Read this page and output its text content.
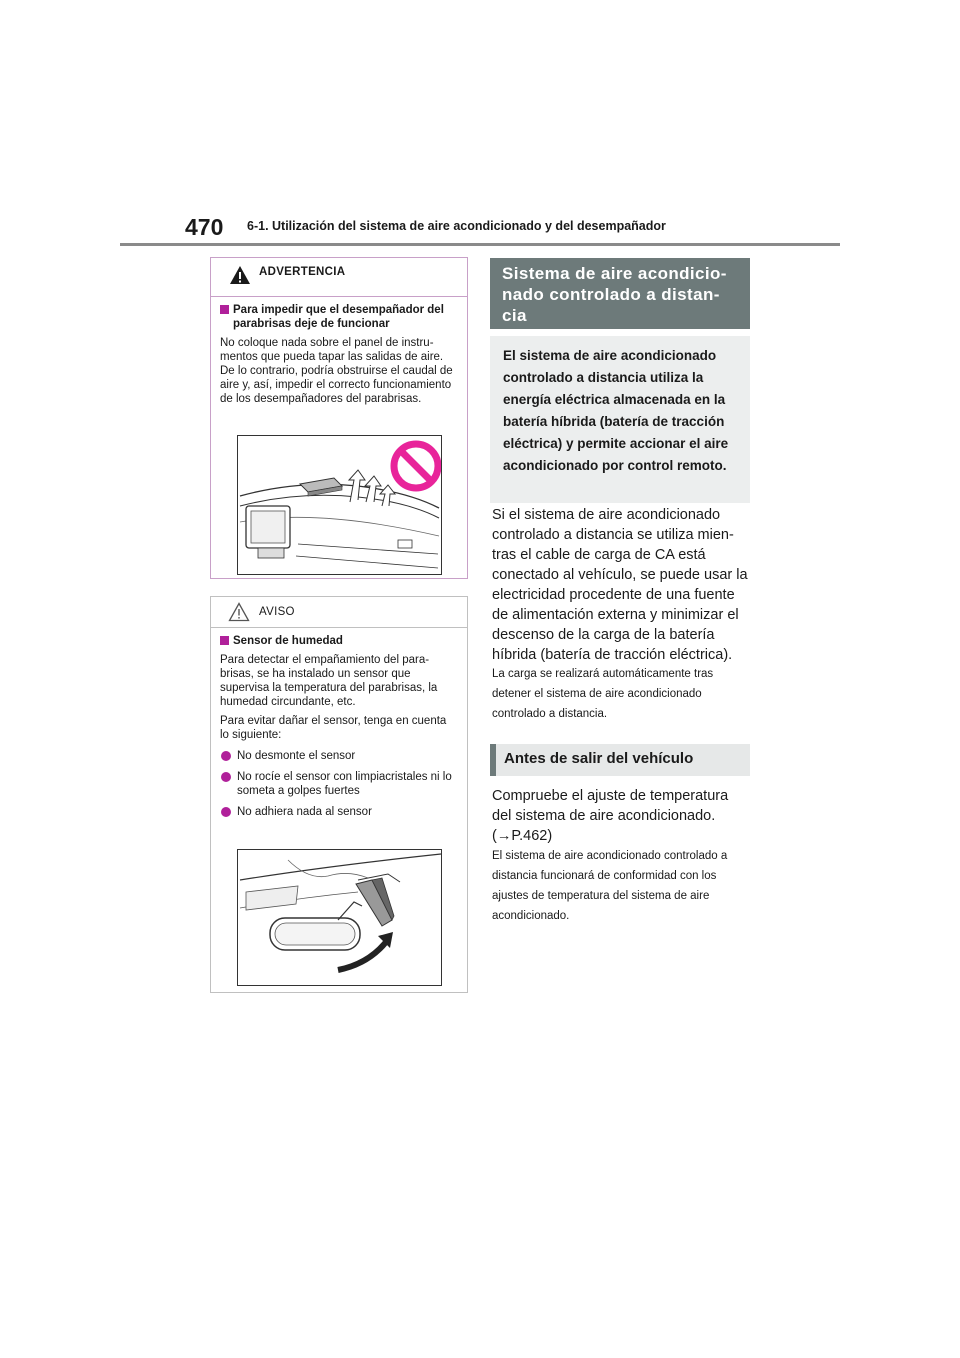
470 6-1. Utilización del sistema de aire acondicionado y del desempañador
ADVERTENCIA
Para impedir que el desempañador del parabrisas deje de funcionar
No coloque nada sobre el panel de instru-mentos que pueda tapar las salidas de aire. De lo contrario, podría obstruirse el caudal de aire y, así, impedir el correcto funcionamiento de los desempañadores del parabrisas.
AVISO
Sensor de humedad
Para detectar el empañamiento del para-brisas, se ha instalado un sensor que supervisa la temperatura del parabrisas, la humedad circundante, etc.
Para evitar dañar el sensor, tenga en cuenta lo siguiente:
No desmonte el sensor
No rocíe el sensor con limpiacristales ni lo someta a golpes fuertes
No adhiera nada al sensor
Sistema de aire acondicio-nado controlado a distan-cia
El sistema de aire acondicionado controlado a distancia utiliza la energía eléctrica almacenada en la batería híbrida (batería de tracción eléctrica) y permite accionar el aire acondicionado por control remoto.
Si el sistema de aire acondicionado controlado a distancia se utiliza mien-tras el cable de carga de CA está conectado al vehículo, se puede usar la electricidad procedente de una fuente de alimentación externa y minimizar el descenso de la carga de la batería híbrida (batería de tracción eléctrica).
La carga se realizará automáticamente tras detener el sistema de aire acondicionado controlado a distancia.
Antes de salir del vehículo
Compruebe el ajuste de temperatura del sistema de aire acondicionado. (→P.462)
El sistema de aire acondicionado controlado a distancia funcionará de conformidad con los ajustes de temperatura del sistema de aire acondicionado.
